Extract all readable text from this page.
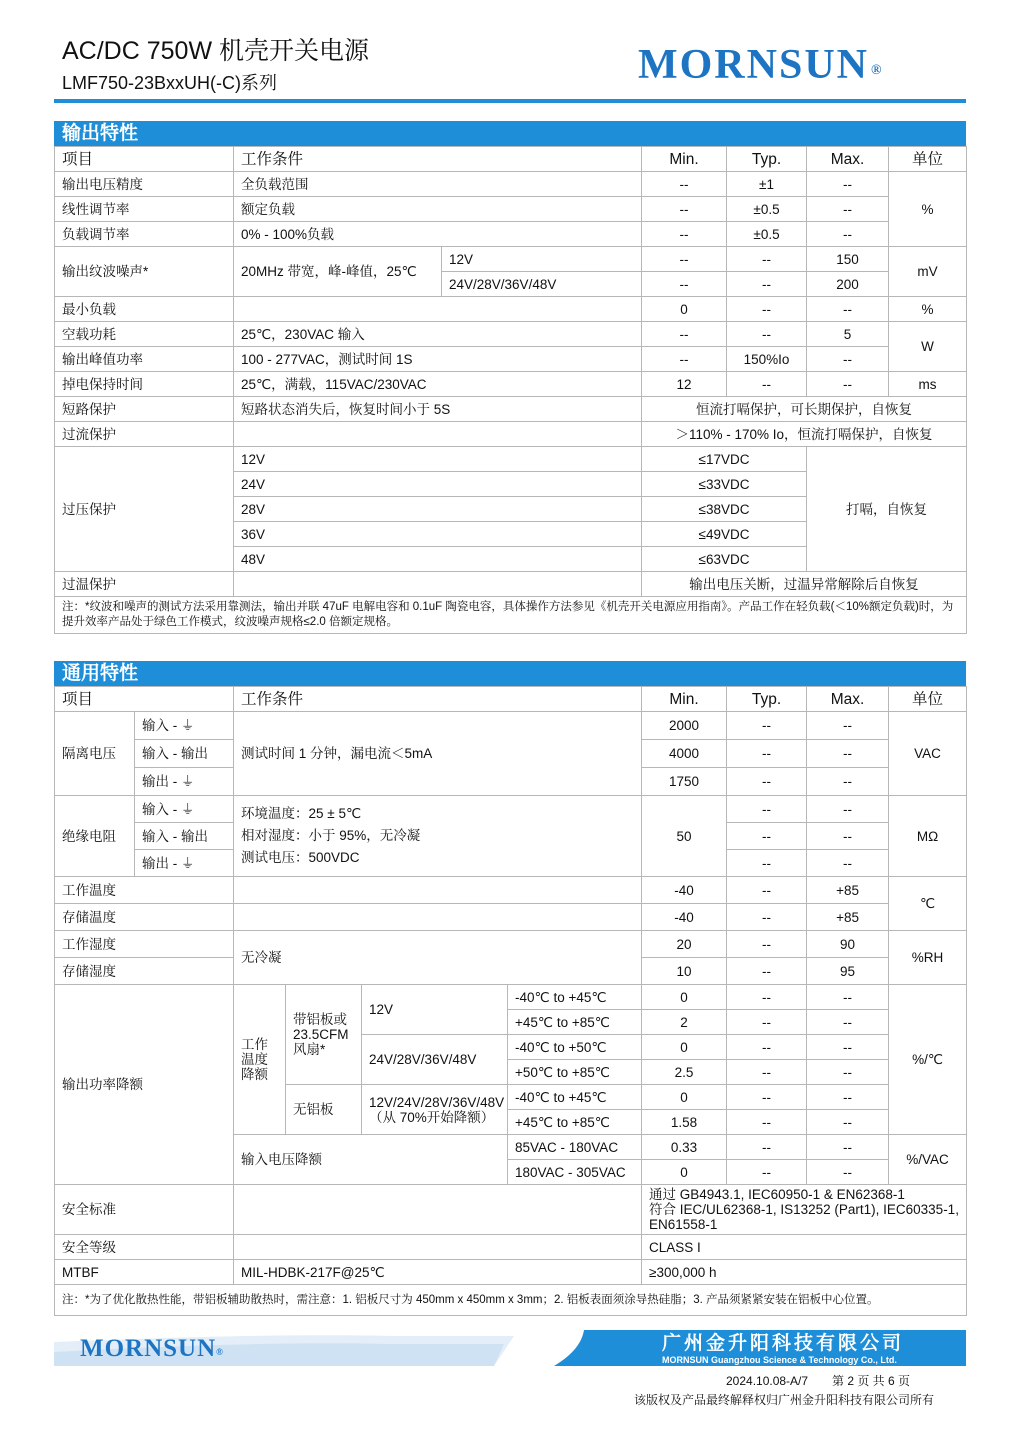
AC/DC 750W 机壳开关电源
LMF750-23BxxUH(-C)系列	MORNSUN ®
输出特性
项目	工作条件		Min.	Typ.	Max.	单位
输出电压精度	全负载范围		--	±1	--	%
线性调节率	额定负载		--	±0.5	--	
负载调节率	0% - 100%负载		--	±0.5	--	
输出纹波噪声*	20MHz 带宽，峰-峰值，25℃	12V	--	--	150	mV
		24V/28V/36V/48V	--	--	200	
最小负载			0	--	--	%
空载功耗	25℃，230VAC 输入		--	--	5	W
输出峰值功率	100 - 277VAC，测试时间 1S		--	150%Io	--	
掉电保持时间	25℃，满载，115VAC/230VAC		12	--	--	ms
短路保护	短路状态消失后，恢复时间小于 5S		恒流打嗝保护，可长期保护，自恢复			
过流保护			＞110% - 170% Io，恒流打嗝保护，自恢复			
过压保护	12V		≤17VDC		打嗝，自恢复	
	24V		≤33VDC			
	28V		≤38VDC			
	36V		≤49VDC			
	48V		≤63VDC			
过温保护			输出电压关断，过温异常解除后自恢复			
注：*纹波和噪声的测试方法采用靠测法，输出并联 47uF 电解电容和 0.1uF 陶瓷电容，具体操作方法参见《机壳开关电源应用指南》。产品工作在轻负载(＜10%额定负载)时，为提升效率产品处于绿色工作模式，纹波噪声规格≤2.0 倍额定规格。						
通用特性
项目		工作条件				Min.	Typ.	Max.	单位
隔离电压	输入 - ⏚	测试时间 1 分钟，漏电流＜5mA				2000	--	--	VAC
	输入 - 输出					4000	--	--	
	输出 - ⏚					1750	--	--	
绝缘电阻	输入 - ⏚	环境温度：25 ± 5℃
相对湿度：小于 95%，无冷凝
测试电压：500VDC				50	--	--	MΩ
	输入 - 输出						--	--	
	输出 - ⏚						--	--	
工作温度						-40	--	+85	℃
存储温度						-40	--	+85	
工作湿度		无冷凝				20	--	90	%RH
存储湿度						10	--	95	
输出功率降额		工作温度降额	带铝板或 23.5CFM 风扇*	12V	-40℃ to +45℃	0	--	--	%/℃
					+45℃ to +85℃	2	--	--	
				24V/28V/36V/48V	-40℃ to +50℃	0	--	--	
					+50℃ to +85℃	2.5	--	--	
			无铝板	12V/24V/28V/36V/48V（从 70%开始降额）	-40℃ to +45℃	0	--	--	
					+45℃ to +85℃	1.58	--	--	
		输入电压降额			85VAC - 180VAC	0.33	--	--	%/VAC
					180VAC - 305VAC	0	--	--	
安全标准						通过 GB4943.1, IEC60950-1 & EN62368-1
符合 IEC/UL62368-1, IS13252 (Part1), IEC60335-1, EN61558-1			

安全等级						CLASS I			
MTBF		MIL-HDBK-217F@25℃				≥300,000 h			
注：*为了优化散热性能，带铝板辅助散热时，需注意：1. 铝板尺寸为 450mm x 450mm x 3mm；2. 铝板表面须涂导热硅脂；3. 产品须紧紧安装在铝板中心位置。									
MORNSUN®	广州金升阳科技有限公司
MORNSUN Guangzhou Science & Technology Co., Ltd.
2024.10.08-A/7 第 2 页 共 6 页
该版权及产品最终解释权归广州金升阳科技有限公司所有
